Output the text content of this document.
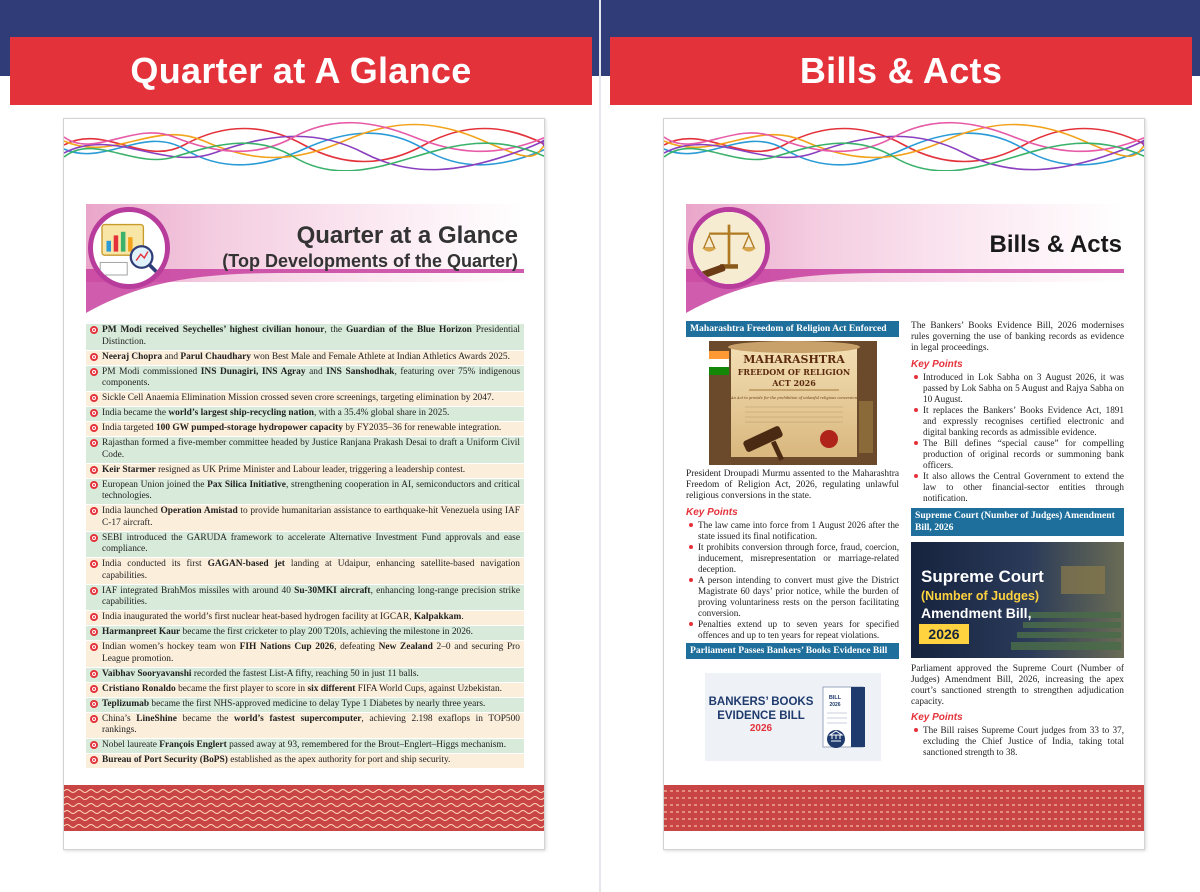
Quarter at A Glance	Bills & Acts
Quarter at a Glance
(Top Developments of the Quarter)
PM Modi received Seychelles’ highest civilian honour, the Guardian of the Blue Horizon Presidential Distinction.
Neeraj Chopra and Parul Chaudhary won Best Male and Female Athlete at Indian Athletics Awards 2025.
PM Modi commissioned INS Dunagiri, INS Agray and INS Sanshodhak, featuring over 75% indigenous components.
Sickle Cell Anaemia Elimination Mission crossed seven crore screenings, targeting elimination by 2047.
India became the world’s largest ship-recycling nation, with a 35.4% global share in 2025.
India targeted 100 GW pumped-storage hydropower capacity by FY2035–36 for renewable integration.
Rajasthan formed a five-member committee headed by Justice Ranjana Prakash Desai to draft a Uniform Civil Code.
Keir Starmer resigned as UK Prime Minister and Labour leader, triggering a leadership contest.
European Union joined the Pax Silica Initiative, strengthening cooperation in AI, semiconductors and critical technologies.
India launched Operation Amistad to provide humanitarian assistance to earthquake-hit Venezuela using IAF C-17 aircraft.
SEBI introduced the GARUDA framework to accelerate Alternative Investment Fund approvals and ease compliance.
India conducted its first GAGAN-based jet landing at Udaipur, enhancing satellite-based navigation capabilities.
IAF integrated BrahMos missiles with around 40 Su-30MKI aircraft, enhancing long-range precision strike capabilities.
India inaugurated the world’s first nuclear heat-based hydrogen facility at IGCAR, Kalpakkam.
Harmanpreet Kaur became the first cricketer to play 200 T20Is, achieving the milestone in 2026.
Indian women’s hockey team won FIH Nations Cup 2026, defeating New Zealand 2–0 and securing Pro League promotion.
Vaibhav Sooryavanshi recorded the fastest List-A fifty, reaching 50 in just 11 balls.
Cristiano Ronaldo became the first player to score in six different FIFA World Cups, against Uzbekistan.
Teplizumab became the first NHS-approved medicine to delay Type 1 Diabetes by nearly three years.
China’s LineShine became the world’s fastest supercomputer, achieving 2.198 exaflops in TOP500 rankings.
Nobel laureate François Englert passed away at 93, remembered for the Brout–Englert–Higgs mechanism.
Bureau of Port Security (BoPS) established as the apex authority for port and ship security.
Bills & Acts
Maharashtra Freedom of Religion Act Enforced
MAHARASHTRA
FREEDOM OF RELIGION
ACT 2026
An Act to provide for the prohibition of unlawful religious conversion
President Droupadi Murmu assented to the Maharashtra Freedom of Religion Act, 2026, regulating unlawful religious conversions in the state.
Key Points
The law came into force from 1 August 2026 after the state issued its final notification.
It prohibits conversion through force, fraud, coercion, inducement, misrepresentation or marriage-related deception.
A person intending to convert must give the District Magistrate 60 days’ prior notice, while the burden of proving voluntariness rests on the person facilitating conversion.
Penalties extend up to seven years for specified offences and up to ten years for repeat violations.
Parliament Passes Bankers’ Books Evidence Bill
BANKERS’ BOOKS
EVIDENCE BILL
2026
BILL
2026
The Bankers’ Books Evidence Bill, 2026 modernises rules governing the use of banking records as evidence in legal proceedings.
Key Points
Introduced in Lok Sabha on 3 August 2026, it was passed by Lok Sabha on 5 August and Rajya Sabha on 10 August.
It replaces the Bankers’ Books Evidence Act, 1891 and expressly recognises certified electronic and digital banking records as admissible evidence.
The Bill defines “special cause” for compelling production of original records or summoning bank officers.
It also allows the Central Government to extend the law to other financial-sector entities through notification.
Supreme Court (Number of Judges) Amendment Bill, 2026
Supreme Court
(Number of Judges)
Amendment Bill,
2026
Parliament approved the Supreme Court (Number of Judges) Amendment Bill, 2026, increasing the apex court’s sanctioned strength to strengthen adjudication capacity.
Key Points
The Bill raises Supreme Court judges from 33 to 37, excluding the Chief Justice of India, taking total sanctioned strength to 38.
